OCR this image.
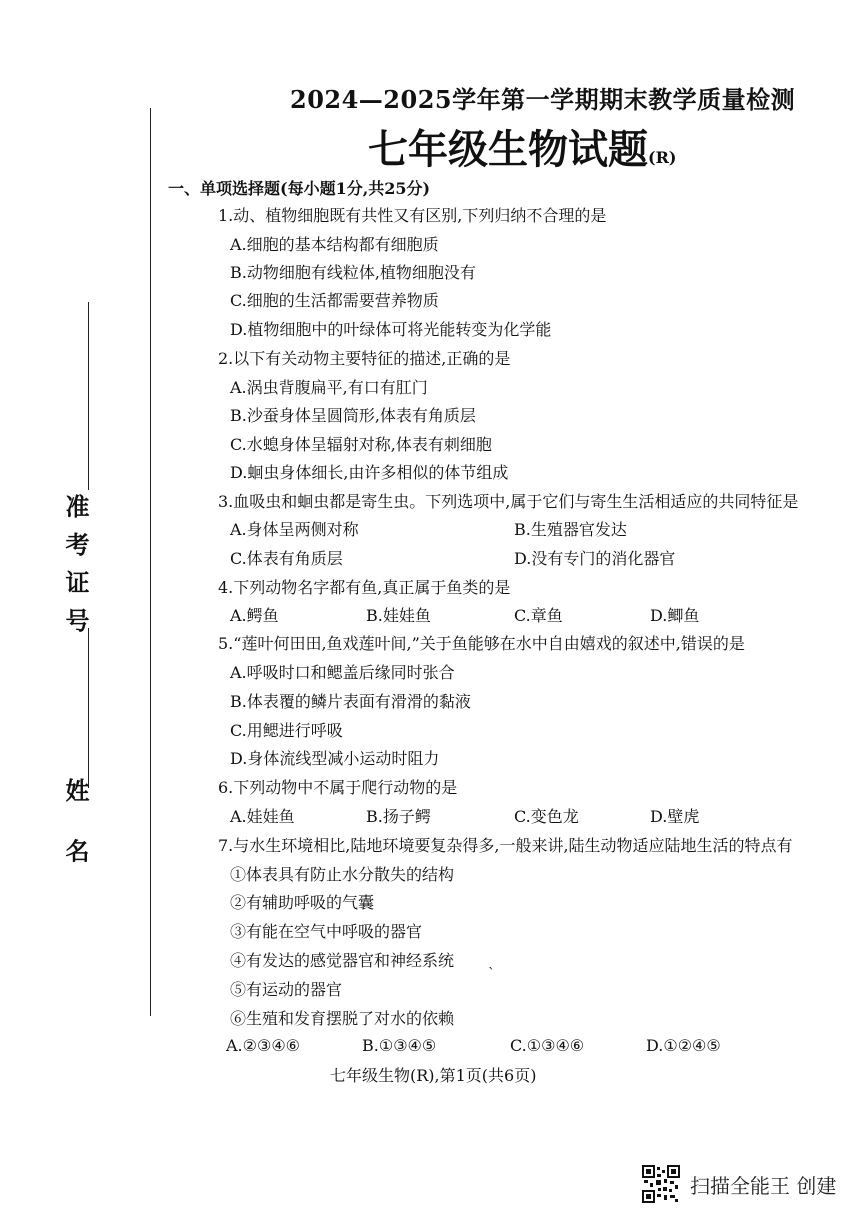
2024—2025学年第一学期期末教学质量检测
七年级生物试题(R)
准考证号
姓 名
一、单项选择题(每小题1分,共25分)
1.动、植物细胞既有共性又有区别,下列归纳不合理的是
A.细胞的基本结构都有细胞质
B.动物细胞有线粒体,植物细胞没有
C.细胞的生活都需要营养物质
D.植物细胞中的叶绿体可将光能转变为化学能
2.以下有关动物主要特征的描述,正确的是
A.涡虫背腹扁平,有口有肛门
B.沙蚕身体呈圆筒形,体表有角质层
C.水螅身体呈辐射对称,体表有刺细胞
D.蛔虫身体细长,由许多相似的体节组成
3.血吸虫和蛔虫都是寄生虫。下列选项中,属于它们与寄生生活相适应的共同特征是
A.身体呈两侧对称	B.生殖器官发达
C.体表有角质层	D.没有专门的消化器官
4.下列动物名字都有鱼,真正属于鱼类的是
A.鳄鱼	B.娃娃鱼	C.章鱼	D.鲫鱼
5.“莲叶何田田,鱼戏莲叶间,”关于鱼能够在水中自由嬉戏的叙述中,错误的是
A.呼吸时口和鳃盖后缘同时张合
B.体表覆的鳞片表面有滑滑的黏液
C.用鳃进行呼吸
D.身体流线型减小运动时阻力
6.下列动物中不属于爬行动物的是
A.娃娃鱼	B.扬子鳄	C.变色龙	D.壁虎
7.与水生环境相比,陆地环境要复杂得多,一般来讲,陆生动物适应陆地生活的特点有
①体表具有防止水分散失的结构
②有辅助呼吸的气囊
③有能在空气中呼吸的器官
④有发达的感觉器官和神经系统
⑤有运动的器官
⑥生殖和发育摆脱了对水的依赖
ˋ
A.②③④⑥	B.①③④⑤	C.①③④⑥	D.①②④⑤
七年级生物(R),第1页(共6页)
扫描全能王 创建
